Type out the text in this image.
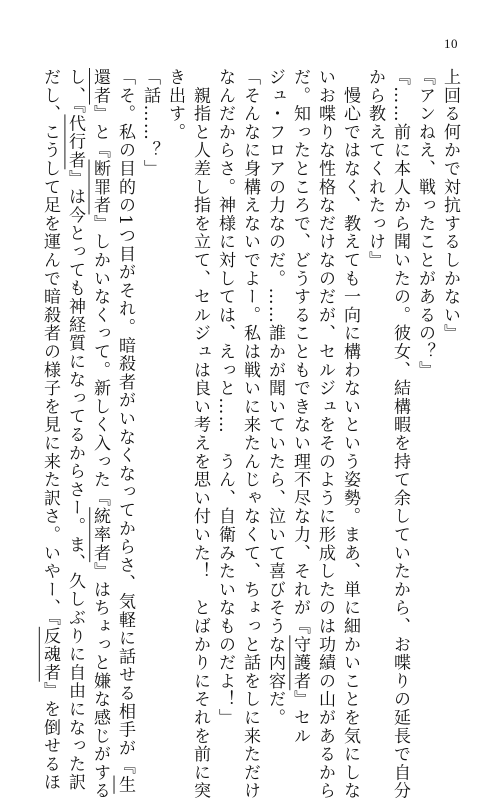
10
上回る何かで対抗するしかない』
『アンねえ、戦ったことがあるの？』
『……前に本人から聞いたの。彼女、結構暇を持て余していたから、お喋りの延長で自分
から教えてくれたっけ』
　慢心ではなく、教えても一向に構わないという姿勢。まあ、単に細かいことを気にしな
いお喋りな性格なだけなのだが、セルジュをそのように形成したのは功績の山があるから
だ。知ったところで、どうすることもできない理不尽な力、それが『守護者』セル
ジュ・フロアの力なのだ。……誰かが聞いていたら、泣いて喜びそうな内容だ。
「そんなに身構えないでよー。私は戦いに来たんじゃなくて、ちょっと話をしに来ただけ
なんだからさ。神様に対しては、えっと……　うん、自衛みたいなものだよ！」
　親指と人差し指を立て、セルジュは良い考えを思い付いた！　とばかりにそれを前に突
き出す。
「話……？」
「そ。私の目的の1つ目がそれ。暗殺者がいなくなってからさ、気軽に話せる相手が『生
還者』と『断罪者』しかいなくって。新しく入った『統率者』はちょっと嫌な感じがする
し、『代行者』は今とっても神経質になってるからさー。ま、久しぶりに自由になった訳
だし、こうして足を運んで暗殺者の様子を見に来た訳さ。いやー、『反魂者』を倒せるほ
